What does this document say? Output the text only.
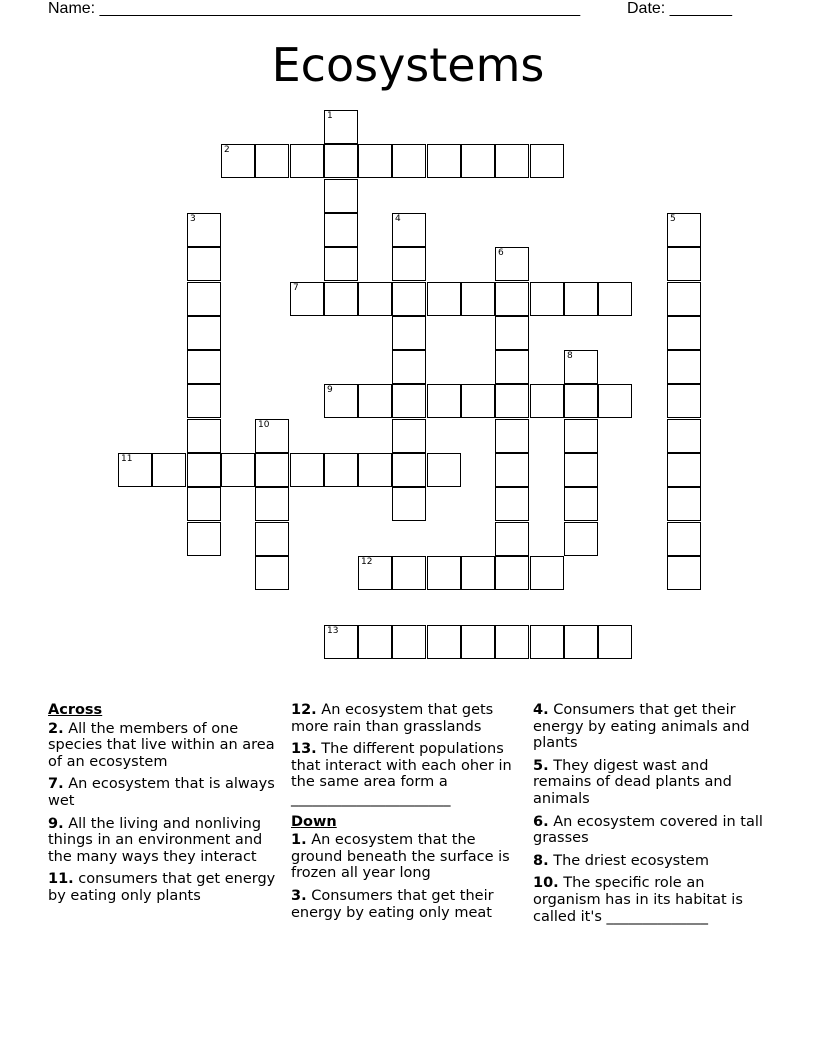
Name: ______________________________________________________	Date: _______
Ecosystems
1
2
3	4	5
6
7
8
9
10
11
12
13
Across
2. All the members of one species that live within an area of an ecosystem
7. An ecosystem that is always wet
9. All the living and nonliving things in an environment and the many ways they interact
11. consumers that get energy by eating only plants
12. An ecosystem that gets more rain than grasslands
13. The different populations that interact with each oher in the same area form a ______________________
Down
1. An ecosystem that the ground beneath the surface is frozen all year long
3. Consumers that get their energy by eating only meat
4. Consumers that get their energy by eating animals and plants
5. They digest wast and remains of dead plants and animals
6. An ecosystem covered in tall grasses
8. The driest ecosystem
10. The specific role an organism has in its habitat is called it's ______________
